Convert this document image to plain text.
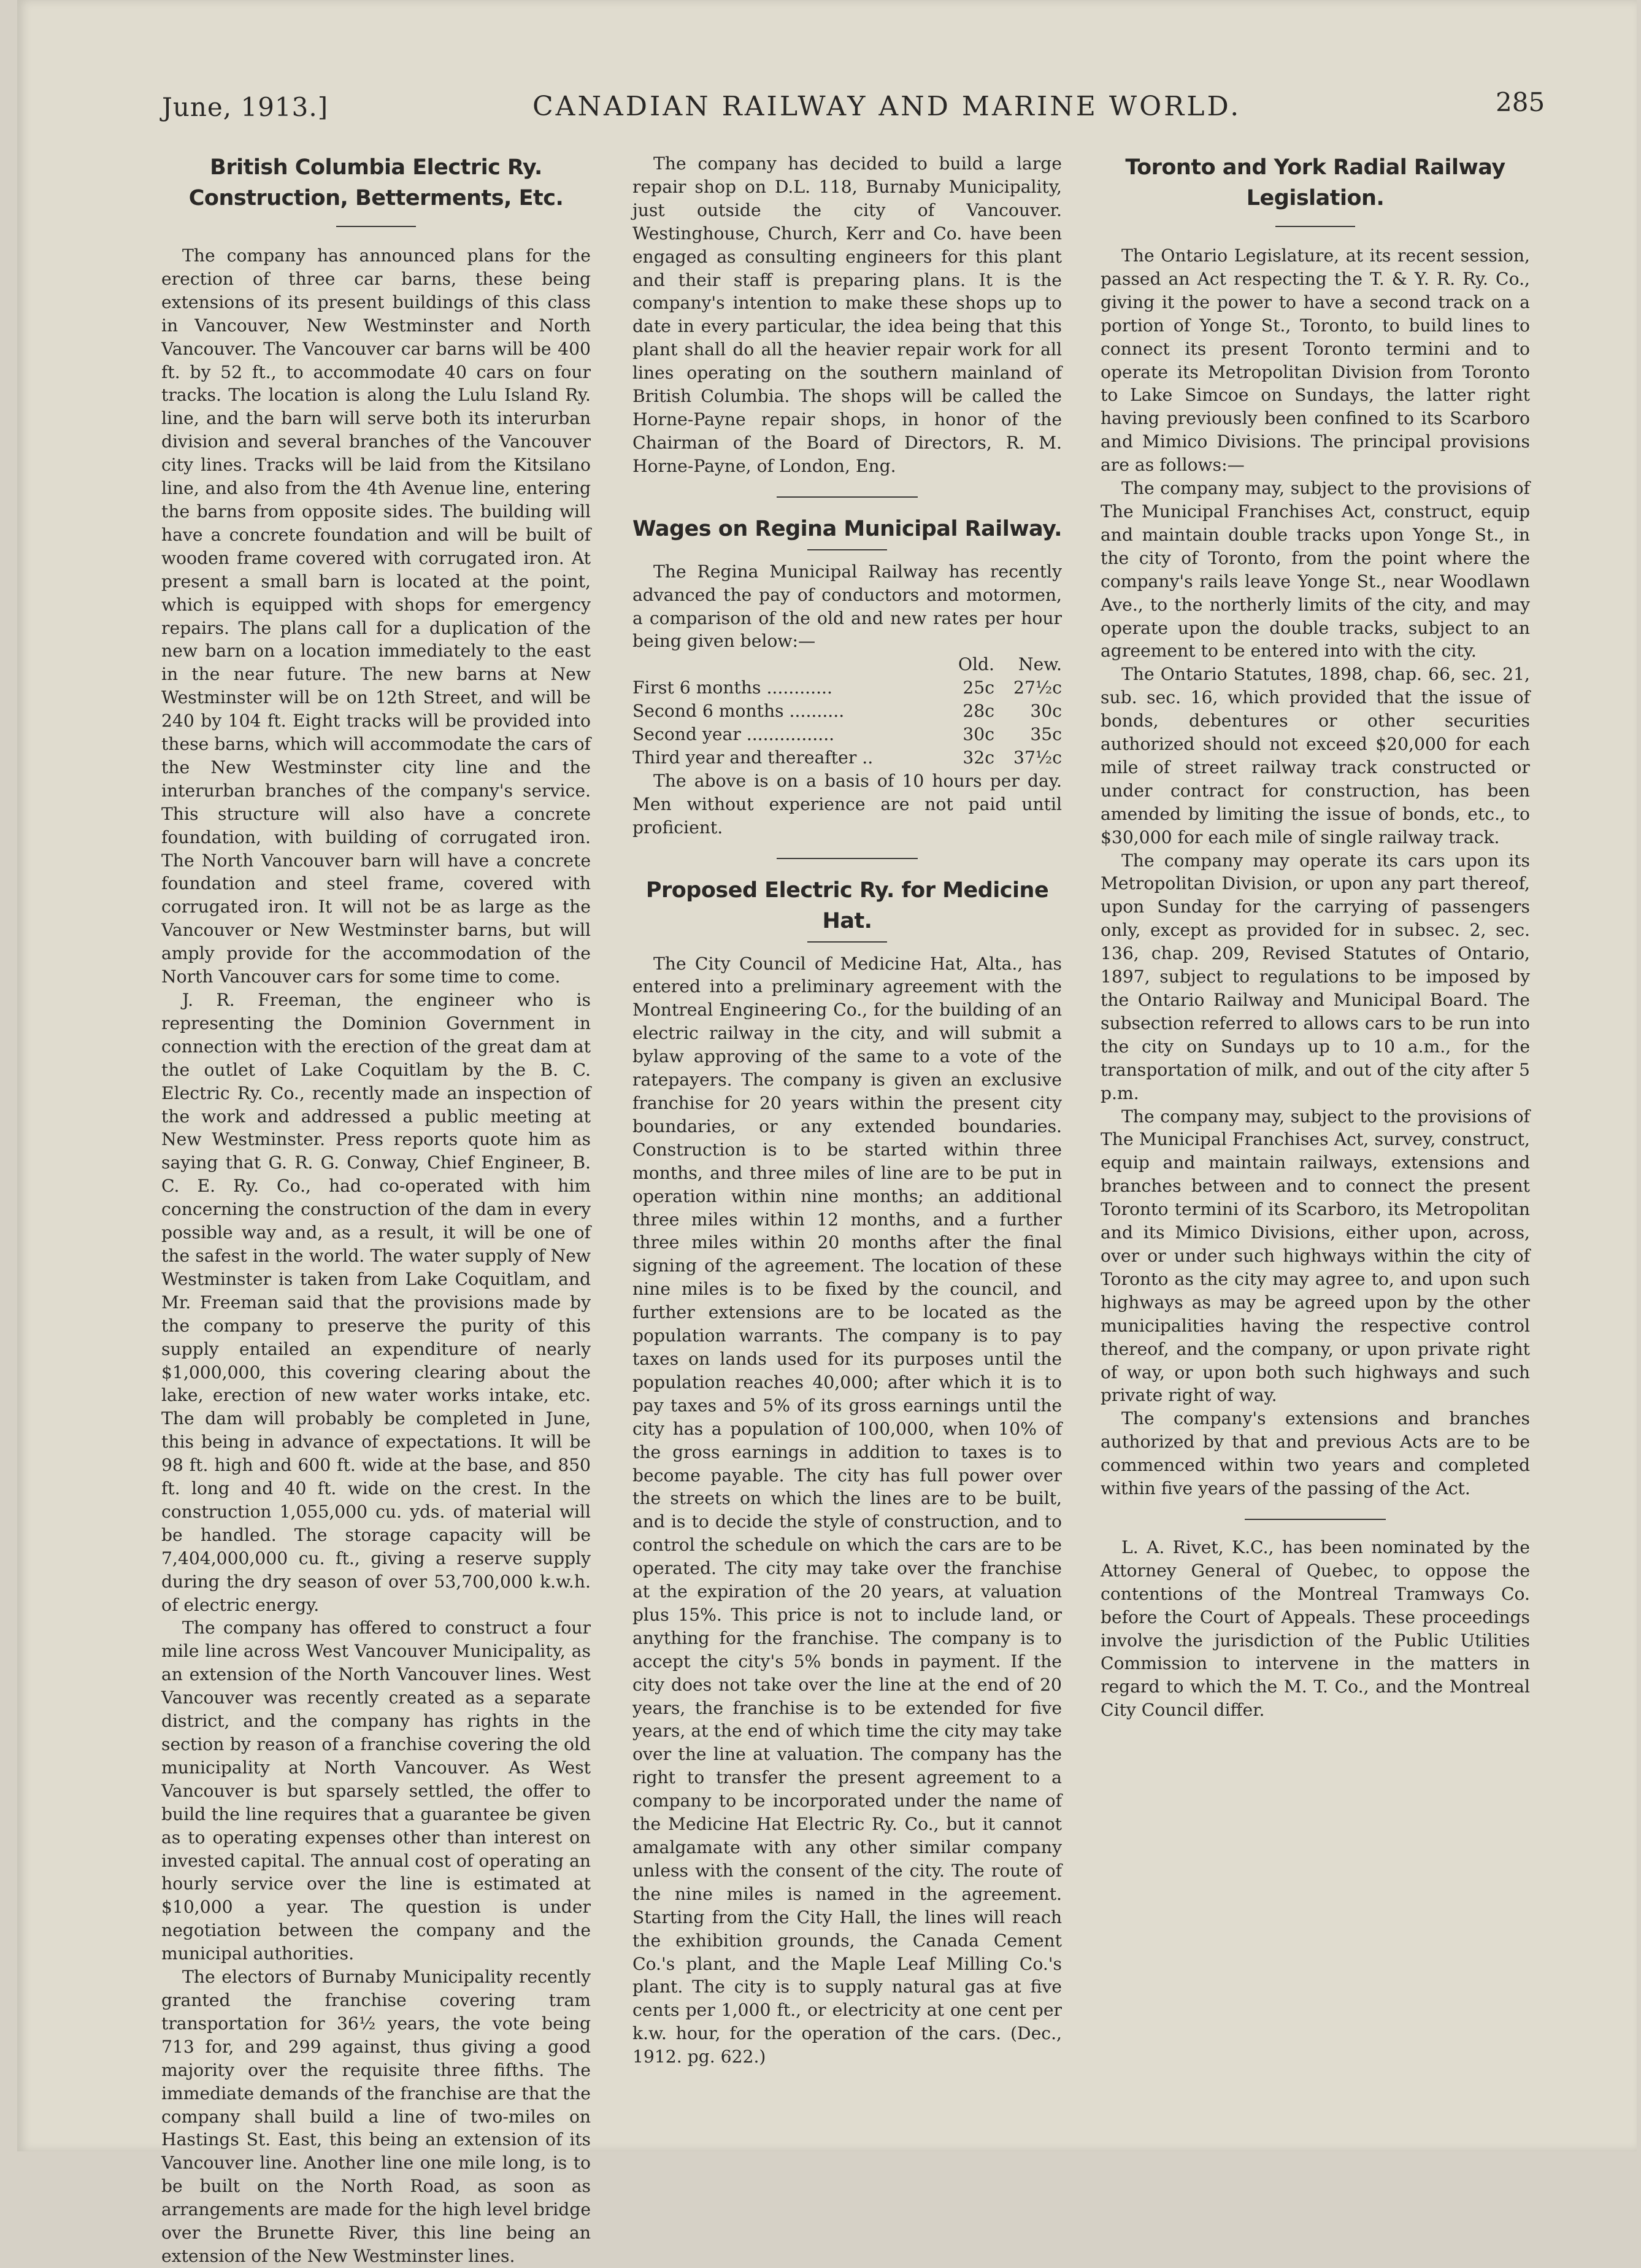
June, 1913.]	CANADIAN RAILWAY AND MARINE WORLD.	285
British Columbia Electric Ry. Construction, Betterments, Etc.

The company has announced plans for the erection of three car barns, these being extensions of its present buildings of this class in Vancouver, New Westminster and North Vancouver. The Vancouver car barns will be 400 ft. by 52 ft., to accommodate 40 cars on four tracks. The location is along the Lulu Island Ry. line, and the barn will serve both its interurban division and several branches of the Vancouver city lines. Tracks will be laid from the Kitsilano line, and also from the 4th Avenue line, entering the barns from opposite sides. The building will have a concrete foundation and will be built of wooden frame covered with corrugated iron. At present a small barn is located at the point, which is equipped with shops for emergency repairs. The plans call for a duplication of the new barn on a location immediately to the east in the near future. The new barns at New Westminster will be on 12th Street, and will be 240 by 104 ft. Eight tracks will be provided into these barns, which will accommodate the cars of the New Westminster city line and the interurban branches of the company's service. This structure will also have a concrete foundation, with building of corrugated iron. The North Vancouver barn will have a concrete foundation and steel frame, covered with corrugated iron. It will not be as large as the Vancouver or New Westminster barns, but will amply provide for the accommodation of the North Vancouver cars for some time to come.

J. R. Freeman, the engineer who is representing the Dominion Government in connection with the erection of the great dam at the outlet of Lake Coquitlam by the B. C. Electric Ry. Co., recently made an inspection of the work and addressed a public meeting at New Westminster. Press reports quote him as saying that G. R. G. Conway, Chief Engineer, B. C. E. Ry. Co., had co-operated with him concerning the construction of the dam in every possible way and, as a result, it will be one of the safest in the world. The water supply of New Westminster is taken from Lake Coquitlam, and Mr. Freeman said that the provisions made by the company to preserve the purity of this supply entailed an expenditure of nearly $1,000,000, this covering clearing about the lake, erection of new water works intake, etc. The dam will probably be completed in June, this being in advance of expectations. It will be 98 ft. high and 600 ft. wide at the base, and 850 ft. long and 40 ft. wide on the crest. In the construction 1,055,000 cu. yds. of material will be handled. The storage capacity will be 7,404,000,000 cu. ft., giving a reserve supply during the dry season of over 53,700,000 k.w.h. of electric energy.

The company has offered to construct a four mile line across West Vancouver Municipality, as an extension of the North Vancouver lines. West Vancouver was recently created as a separate district, and the company has rights in the section by reason of a franchise covering the old municipality at North Vancouver. As West Vancouver is but sparsely settled, the offer to build the line requires that a guarantee be given as to operating expenses other than interest on invested capital. The annual cost of operating an hourly service over the line is estimated at $10,000 a year. The question is under negotiation between the company and the municipal authorities.

The electors of Burnaby Municipality recently granted the franchise covering tram transportation for 36½ years, the vote being 713 for, and 299 against, thus giving a good majority over the requisite three fifths. The immediate demands of the franchise are that the company shall build a line of two-miles on Hastings St. East, this being an extension of its Vancouver line. Another line one mile long, is to be built on the North Road, as soon as arrangements are made for the high level bridge over the Brunette River, this line being an extension of the New Westminster lines.

The company has decided to build a large repair shop on D.L. 118, Burnaby Municipality, just outside the city of Vancouver. Westinghouse, Church, Kerr and Co. have been engaged as consulting engineers for this plant and their staff is preparing plans. It is the company's intention to make these shops up to date in every particular, the idea being that this plant shall do all the heavier repair work for all lines operating on the southern mainland of British Columbia. The shops will be called the Horne-Payne repair shops, in honor of the Chairman of the Board of Directors, R. M. Horne-Payne, of London, Eng.

Wages on Regina Municipal Railway.

The Regina Municipal Railway has recently advanced the pay of conductors and motormen, a comparison of the old and new rates per hour being given below:—

	Old.	New.
First 6 months ............	25c	27½c
Second 6 months ..........	28c	30c
Second year ................	30c	35c
Third year and thereafter ..	32c	37½c

The above is on a basis of 10 hours per day. Men without experience are not paid until proficient.

Proposed Electric Ry. for Medicine Hat.

The City Council of Medicine Hat, Alta., has entered into a preliminary agreement with the Montreal Engineering Co., for the building of an electric railway in the city, and will submit a bylaw approving of the same to a vote of the ratepayers. The company is given an exclusive franchise for 20 years within the present city boundaries, or any extended boundaries. Construction is to be started within three months, and three miles of line are to be put in operation within nine months; an additional three miles within 12 months, and a further three miles within 20 months after the final signing of the agreement. The location of these nine miles is to be fixed by the council, and further extensions are to be located as the population warrants. The company is to pay taxes on lands used for its purposes until the population reaches 40,000; after which it is to pay taxes and 5% of its gross earnings until the city has a population of 100,000, when 10% of the gross earnings in addition to taxes is to become payable. The city has full power over the streets on which the lines are to be built, and is to decide the style of construction, and to control the schedule on which the cars are to be operated. The city may take over the franchise at the expiration of the 20 years, at valuation plus 15%. This price is not to include land, or anything for the franchise. The company is to accept the city's 5% bonds in payment. If the city does not take over the line at the end of 20 years, the franchise is to be extended for five years, at the end of which time the city may take over the line at valuation. The company has the right to transfer the present agreement to a company to be incorporated under the name of the Medicine Hat Electric Ry. Co., but it cannot amalgamate with any other similar company unless with the consent of the city. The route of the nine miles is named in the agreement. Starting from the City Hall, the lines will reach the exhibition grounds, the Canada Cement Co.'s plant, and the Maple Leaf Milling Co.'s plant. The city is to supply natural gas at five cents per 1,000 ft., or electricity at one cent per k.w. hour, for the operation of the cars. (Dec., 1912. pg. 622.)

Toronto and York Radial Railway Legislation.

The Ontario Legislature, at its recent session, passed an Act respecting the T. & Y. R. Ry. Co., giving it the power to have a second track on a portion of Yonge St., Toronto, to build lines to connect its present Toronto termini and to operate its Metropolitan Division from Toronto to Lake Simcoe on Sundays, the latter right having previously been confined to its Scarboro and Mimico Divisions. The principal provisions are as follows:—

The company may, subject to the provisions of The Municipal Franchises Act, construct, equip and maintain double tracks upon Yonge St., in the city of Toronto, from the point where the company's rails leave Yonge St., near Woodlawn Ave., to the northerly limits of the city, and may operate upon the double tracks, subject to an agreement to be entered into with the city.

The Ontario Statutes, 1898, chap. 66, sec. 21, sub. sec. 16, which provided that the issue of bonds, debentures or other securities authorized should not exceed $20,000 for each mile of street railway track constructed or under contract for construction, has been amended by limiting the issue of bonds, etc., to $30,000 for each mile of single railway track.

The company may operate its cars upon its Metropolitan Division, or upon any part thereof, upon Sunday for the carrying of passengers only, except as provided for in subsec. 2, sec. 136, chap. 209, Revised Statutes of Ontario, 1897, subject to regulations to be imposed by the Ontario Railway and Municipal Board. The subsection referred to allows cars to be run into the city on Sundays up to 10 a.m., for the transportation of milk, and out of the city after 5 p.m.

The company may, subject to the provisions of The Municipal Franchises Act, survey, construct, equip and maintain railways, extensions and branches between and to connect the present Toronto termini of its Scarboro, its Metropolitan and its Mimico Divisions, either upon, across, over or under such highways within the city of Toronto as the city may agree to, and upon such highways as may be agreed upon by the other municipalities having the respective control thereof, and the company, or upon private right of way, or upon both such highways and such private right of way.

The company's extensions and branches authorized by that and previous Acts are to be commenced within two years and completed within five years of the passing of the Act.

L. A. Rivet, K.C., has been nominated by the Attorney General of Quebec, to oppose the contentions of the Montreal Tramways Co. before the Court of Appeals. These proceedings involve the jurisdiction of the Public Utilities Commission to intervene in the matters in regard to which the M. T. Co., and the Montreal City Council differ.
